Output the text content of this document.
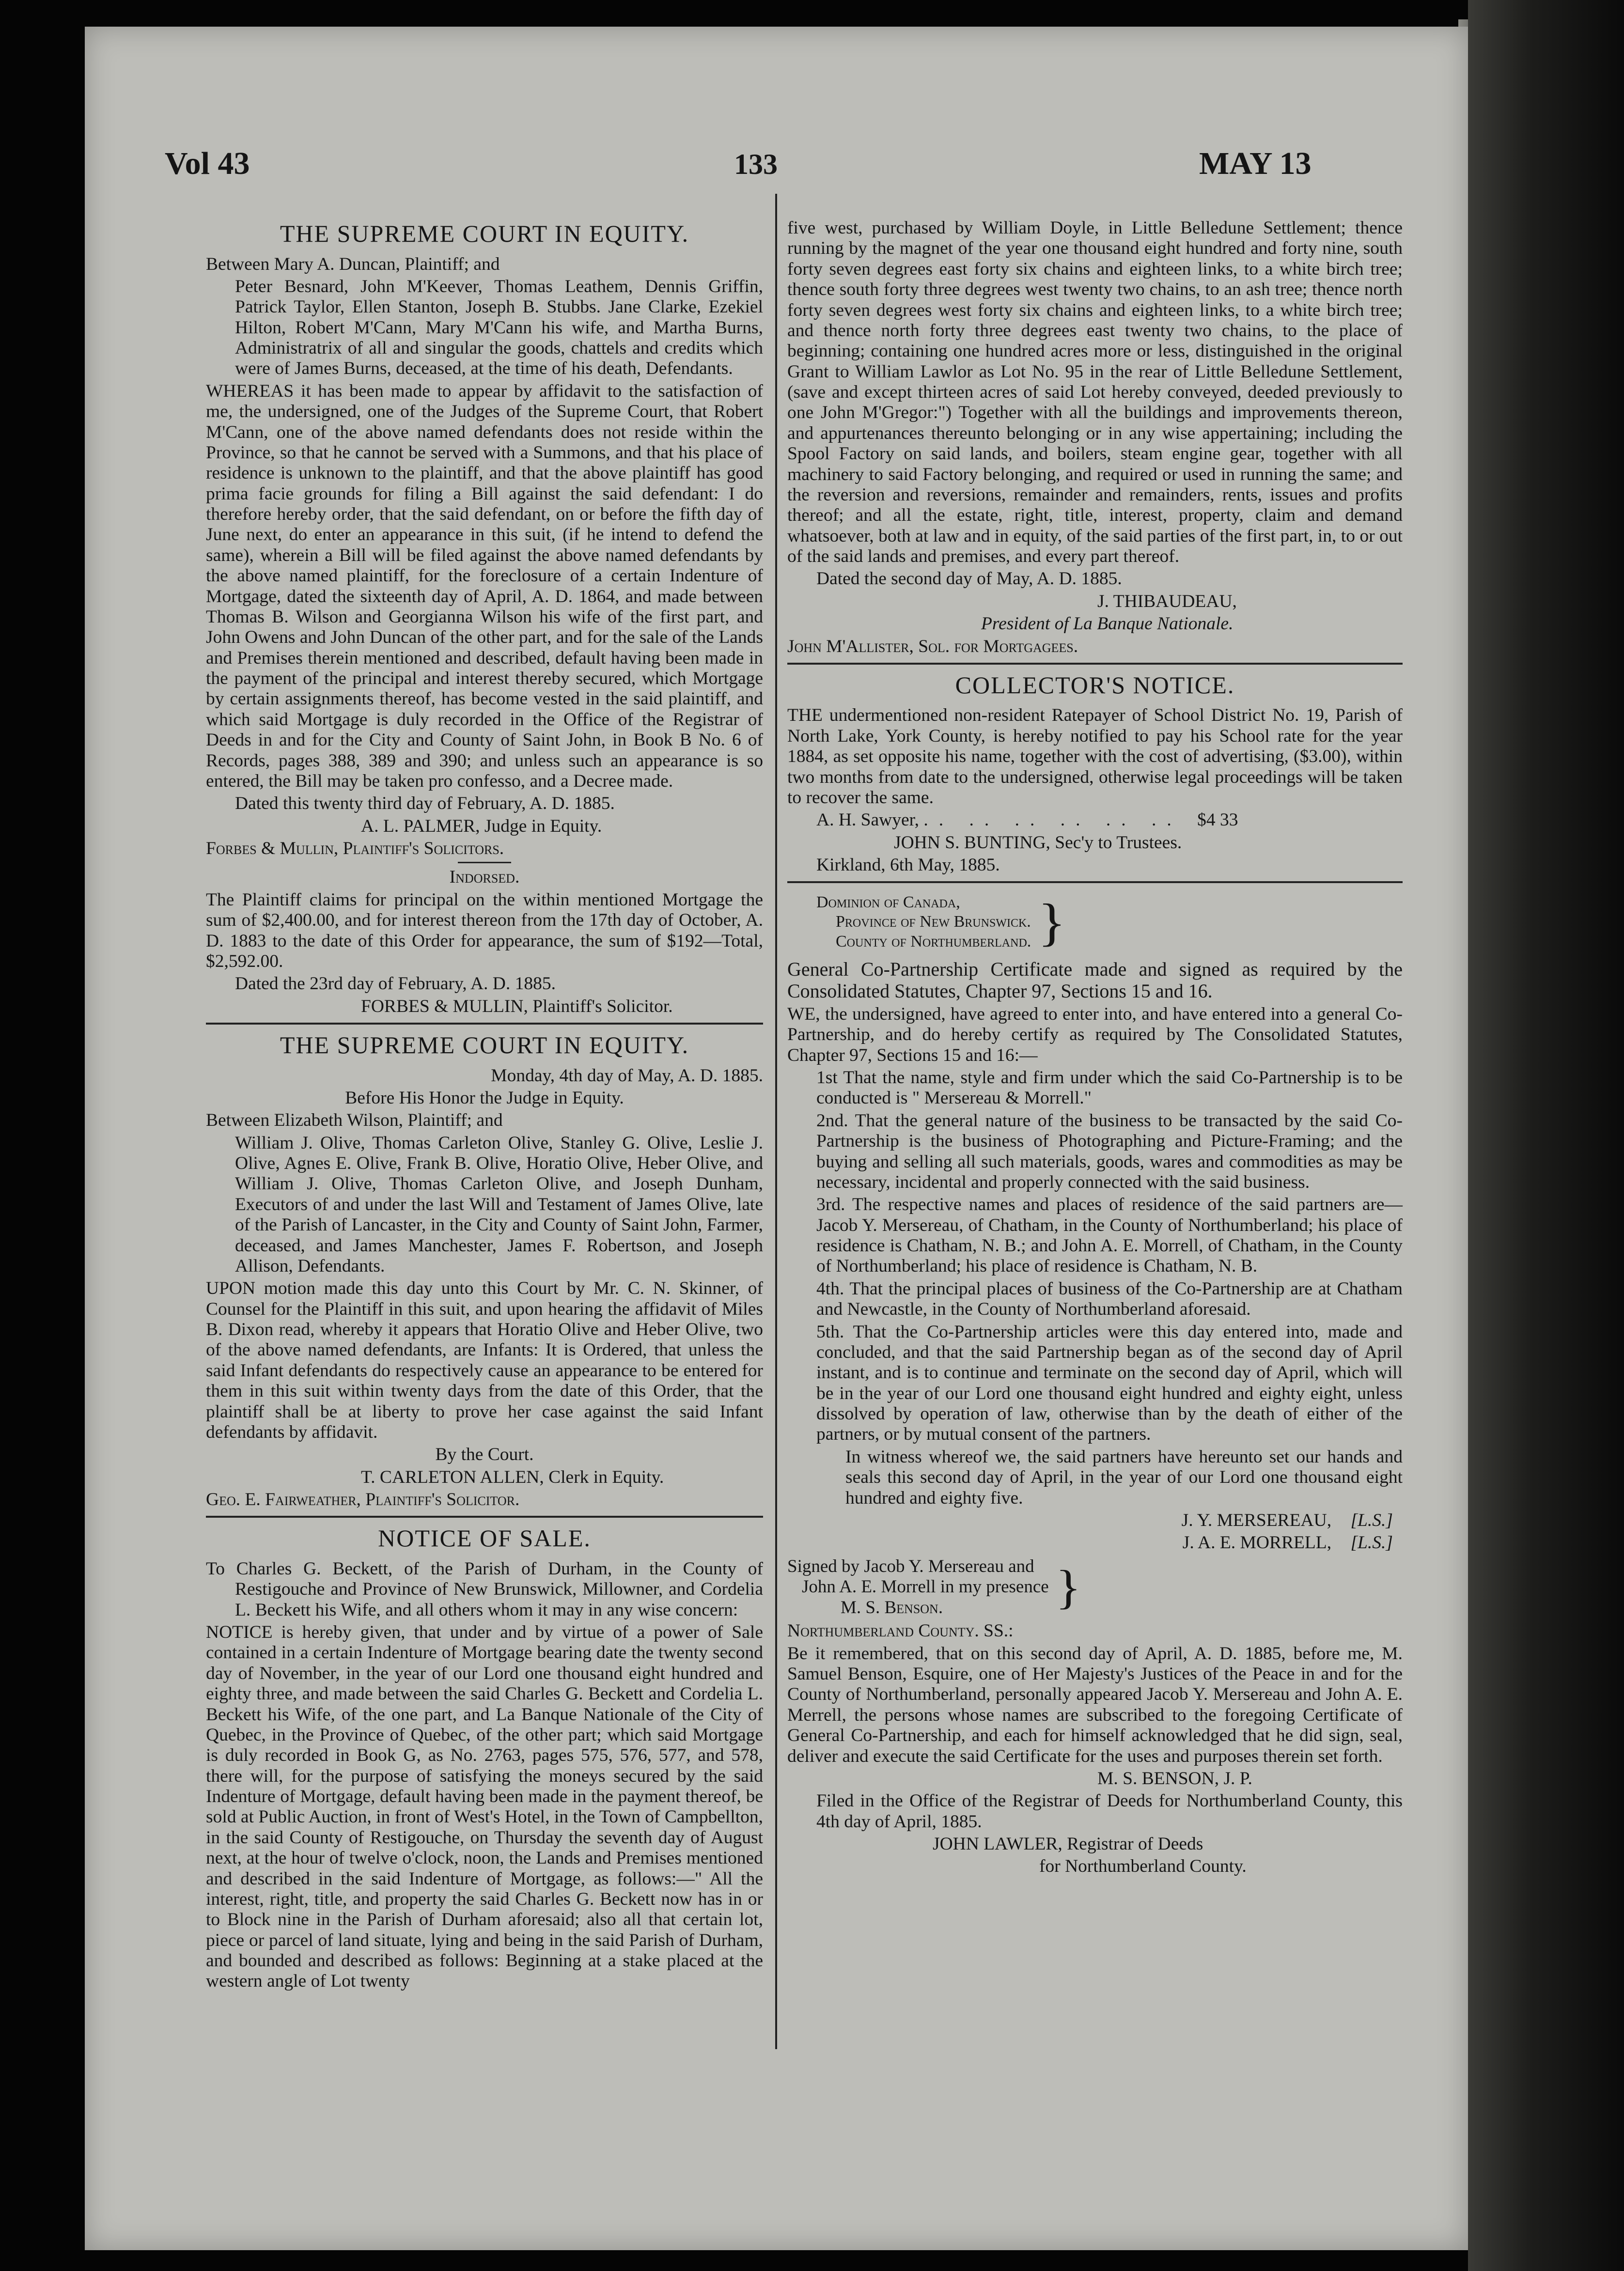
Vol 43	133	MAY 13
THE SUPREME COURT IN EQUITY.

Between Mary A. Duncan, Plaintiff; and

Peter Besnard, John M'Keever, Thomas Leathem, Dennis Griffin, Patrick Taylor, Ellen Stanton, Joseph B. Stubbs. Jane Clarke, Ezekiel Hilton, Robert M'Cann, Mary M'Cann his wife, and Martha Burns, Administratrix of all and singular the goods, chattels and credits which were of James Burns, deceased, at the time of his death, Defendants.

WHEREAS it has been made to appear by affidavit to the satisfaction of me, the undersigned, one of the Judges of the Supreme Court, that Robert M'Cann, one of the above named defendants does not reside within the Province, so that he cannot be served with a Summons, and that his place of residence is unknown to the plaintiff, and that the above plaintiff has good prima facie grounds for filing a Bill against the said defendant: I do therefore hereby order, that the said defendant, on or before the fifth day of June next, do enter an appearance in this suit, (if he intend to defend the same), wherein a Bill will be filed against the above named defendants by the above named plaintiff, for the foreclosure of a certain Indenture of Mortgage, dated the sixteenth day of April, A. D. 1864, and made between Thomas B. Wilson and Georgianna Wilson his wife of the first part, and John Owens and John Duncan of the other part, and for the sale of the Lands and Premises therein mentioned and described, default having been made in the payment of the principal and interest thereby secured, which Mortgage by certain assignments thereof, has become vested in the said plaintiff, and which said Mortgage is duly recorded in the Office of the Registrar of Deeds in and for the City and County of Saint John, in Book B No. 6 of Records, pages 388, 389 and 390; and unless such an appearance is so entered, the Bill may be taken pro confesso, and a Decree made.

Dated this twenty third day of February, A. D. 1885.

A. L. PALMER, Judge in Equity.

Forbes & Mullin, Plaintiff's Solicitors.

Indorsed.

The Plaintiff claims for principal on the within mentioned Mortgage the sum of $2,400.00, and for interest thereon from the 17th day of October, A. D. 1883 to the date of this Order for appearance, the sum of $192—Total, $2,592.00.

Dated the 23rd day of February, A. D. 1885.

FORBES & MULLIN, Plaintiff's Solicitor.

THE SUPREME COURT IN EQUITY.

Monday, 4th day of May, A. D. 1885.

Before His Honor the Judge in Equity.

Between Elizabeth Wilson, Plaintiff; and

William J. Olive, Thomas Carleton Olive, Stanley G. Olive, Leslie J. Olive, Agnes E. Olive, Frank B. Olive, Horatio Olive, Heber Olive, and William J. Olive, Thomas Carleton Olive, and Joseph Dunham, Executors of and under the last Will and Testament of James Olive, late of the Parish of Lancaster, in the City and County of Saint John, Farmer, deceased, and James Manchester, James F. Robertson, and Joseph Allison, Defendants.

UPON motion made this day unto this Court by Mr. C. N. Skinner, of Counsel for the Plaintiff in this suit, and upon hearing the affidavit of Miles B. Dixon read, whereby it appears that Horatio Olive and Heber Olive, two of the above named defendants, are Infants: It is Ordered, that unless the said Infant defendants do respectively cause an appearance to be entered for them in this suit within twenty days from the date of this Order, that the plaintiff shall be at liberty to prove her case against the said Infant defendants by affidavit.

By the Court.

T. CARLETON ALLEN, Clerk in Equity.

Geo. E. Fairweather, Plaintiff's Solicitor.

NOTICE OF SALE.

To Charles G. Beckett, of the Parish of Durham, in the County of Restigouche and Province of New Brunswick, Millowner, and Cordelia L. Beckett his Wife, and all others whom it may in any wise concern:

NOTICE is hereby given, that under and by virtue of a power of Sale contained in a certain Indenture of Mortgage bearing date the twenty second day of November, in the year of our Lord one thousand eight hundred and eighty three, and made between the said Charles G. Beckett and Cordelia L. Beckett his Wife, of the one part, and La Banque Nationale of the City of Quebec, in the Province of Quebec, of the other part; which said Mortgage is duly recorded in Book G, as No. 2763, pages 575, 576, 577, and 578, there will, for the purpose of satisfying the moneys secured by the said Indenture of Mortgage, default having been made in the payment thereof, be sold at Public Auction, in front of West's Hotel, in the Town of Campbellton, in the said County of Restigouche, on Thursday the seventh day of August next, at the hour of twelve o'clock, noon, the Lands and Premises mentioned and described in the said Indenture of Mortgage, as follows:—" All the interest, right, title, and property the said Charles G. Beckett now has in or to Block nine in the Parish of Durham aforesaid; also all that certain lot, piece or parcel of land situate, lying and being in the said Parish of Durham, and bounded and described as follows: Beginning at a stake placed at the western angle of Lot twenty

five west, purchased by William Doyle, in Little Belledune Settlement; thence running by the magnet of the year one thousand eight hundred and forty nine, south forty seven degrees east forty six chains and eighteen links, to a white birch tree; thence south forty three degrees west twenty two chains, to an ash tree; thence north forty seven degrees west forty six chains and eighteen links, to a white birch tree; and thence north forty three degrees east twenty two chains, to the place of beginning; containing one hundred acres more or less, distinguished in the original Grant to William Lawlor as Lot No. 95 in the rear of Little Belledune Settlement, (save and except thirteen acres of said Lot hereby conveyed, deeded previously to one John M'Gregor:") Together with all the buildings and improvements thereon, and appurtenances thereunto belonging or in any wise appertaining; including the Spool Factory on said lands, and boilers, steam engine gear, together with all machinery to said Factory belonging, and required or used in running the same; and the reversion and reversions, remainder and remainders, rents, issues and profits thereof; and all the estate, right, title, interest, property, claim and demand whatsoever, both at law and in equity, of the said parties of the first part, in, to or out of the said lands and premises, and every part thereof.

Dated the second day of May, A. D. 1885.

J. THIBAUDEAU,

President of La Banque Nationale.

John M'Allister, Sol. for Mortgagees.

COLLECTOR'S NOTICE.

THE undermentioned non-resident Ratepayer of School District No. 19, Parish of North Lake, York County, is hereby notified to pay his School rate for the year 1884, as set opposite his name, together with the cost of advertising, ($3.00), within two months from date to the undersigned, otherwise legal proceedings will be taken to recover the same.

A. H. Sawyer, .. .. .. .. .. .. $4 33

JOHN S. BUNTING, Sec'y to Trustees.

Kirkland, 6th May, 1885.

Dominion of Canada,
Province of New Brunswick.
County of Northumberland. }

General Co-Partnership Certificate made and signed as required by the Consolidated Statutes, Chapter 97, Sections 15 and 16.

WE, the undersigned, have agreed to enter into, and have entered into a general Co-Partnership, and do hereby certify as required by The Consolidated Statutes, Chapter 97, Sections 15 and 16:—

1st That the name, style and firm under which the said Co-Partnership is to be conducted is " Mersereau & Morrell."

2nd. That the general nature of the business to be transacted by the said Co-Partnership is the business of Photographing and Picture-Framing; and the buying and selling all such materials, goods, wares and commodities as may be necessary, incidental and properly connected with the said business.

3rd. The respective names and places of residence of the said partners are—Jacob Y. Mersereau, of Chatham, in the County of Northumberland; his place of residence is Chatham, N. B.; and John A. E. Morrell, of Chatham, in the County of Northumberland; his place of residence is Chatham, N. B.

4th. That the principal places of business of the Co-Partnership are at Chatham and Newcastle, in the County of Northumberland aforesaid.

5th. That the Co-Partnership articles were this day entered into, made and concluded, and that the said Partnership began as of the second day of April instant, and is to continue and terminate on the second day of April, which will be in the year of our Lord one thousand eight hundred and eighty eight, unless dissolved by operation of law, otherwise than by the death of either of the partners, or by mutual consent of the partners.

In witness whereof we, the said partners have hereunto set our hands and seals this second day of April, in the year of our Lord one thousand eight hundred and eighty five.

J. Y. MERSEREAU, [L.S.]

J. A. E. MORRELL, [L.S.]

Signed by Jacob Y. Mersereau and
John A. E. Morrell in my presence
M. S. Benson.	}

Northumberland County. SS.:

Be it remembered, that on this second day of April, A. D. 1885, before me, M. Samuel Benson, Esquire, one of Her Majesty's Justices of the Peace in and for the County of Northumberland, personally appeared Jacob Y. Mersereau and John A. E. Merrell, the persons whose names are subscribed to the foregoing Certificate of General Co-Partnership, and each for himself acknowledged that he did sign, seal, deliver and execute the said Certificate for the uses and purposes therein set forth.

M. S. BENSON, J. P.

Filed in the Office of the Registrar of Deeds for Northumberland County, this 4th day of April, 1885.

JOHN LAWLER, Registrar of Deeds

for Northumberland County.
